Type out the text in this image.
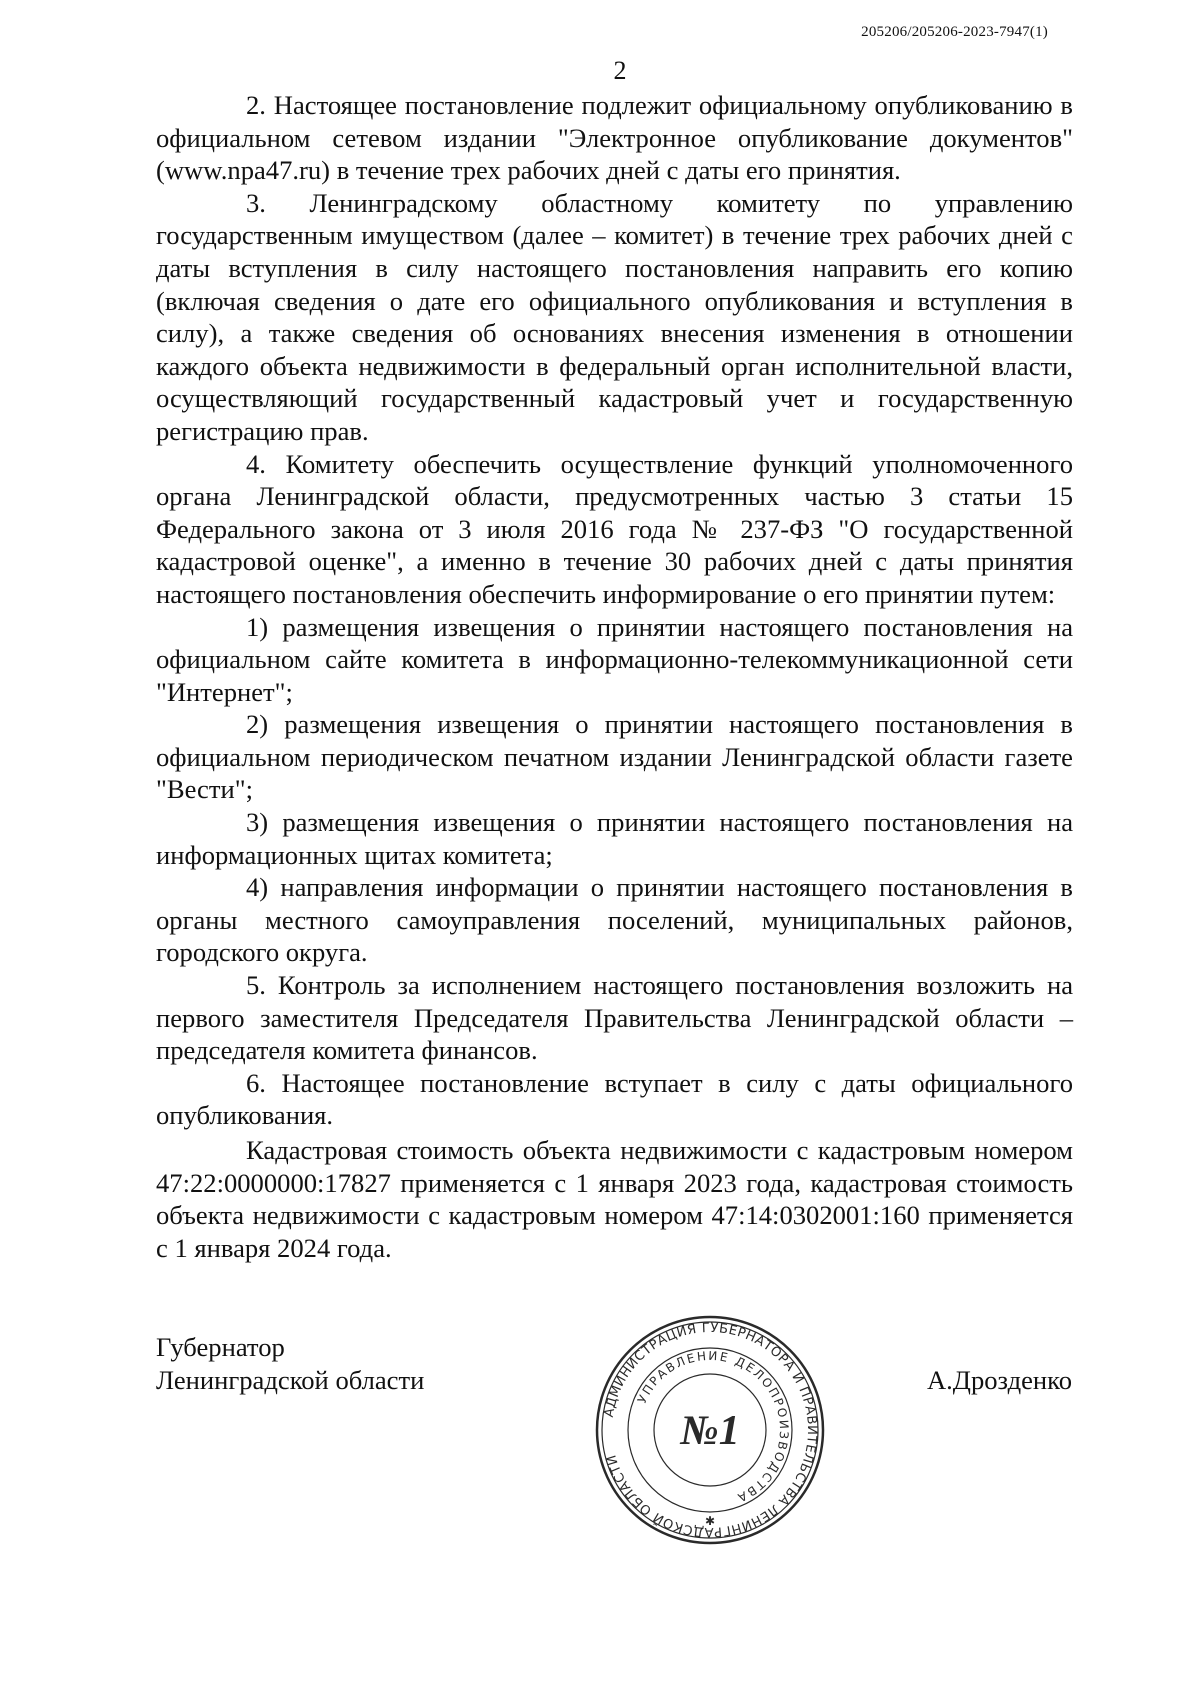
205206/205206-2023-7947(1)
2

2. Настоящее постановление подлежит официальному опубликованию в официальном сетевом издании "Электронное опубликование документов" (www.npa47.ru) в течение трех рабочих дней с даты его принятия.

3. Ленинградскому областному комитету по управлению государственным имуществом (далее – комитет) в течение трех рабочих дней с даты вступления в силу настоящего постановления направить его копию (включая сведения о дате его официального опубликования и вступления в силу), а также сведения об основаниях внесения изменения в отношении каждого объекта недвижимости в федеральный орган исполнительной власти, осуществляющий государственный кадастровый учет и государственную регистрацию прав.

4. Комитету обеспечить осуществление функций уполномоченного органа Ленинградской области, предусмотренных частью 3 статьи 15 Федерального закона от 3 июля 2016 года № 237-ФЗ "О государственной кадастровой оценке", а именно в течение 30 рабочих дней с даты принятия настоящего постановления обеспечить информирование о его принятии путем:

1) размещения извещения о принятии настоящего постановления на официальном сайте комитета в информационно-телекоммуникационной сети "Интернет";

2) размещения извещения о принятии настоящего постановления в официальном периодическом печатном издании Ленинградской области газете "Вести";

3) размещения извещения о принятии настоящего постановления на информационных щитах комитета;

4) направления информации о принятии настоящего постановления в органы местного самоуправления поселений, муниципальных районов, городского округа.

5. Контроль за исполнением настоящего постановления возложить на первого заместителя Председателя Правительства Ленинградской области – председателя комитета финансов.

6. Настоящее постановление вступает в силу с даты официального опубликования.

Кадастровая стоимость объекта недвижимости с кадастровым номером 47:22:0000000:17827 применяется с 1 января 2023 года, кадастровая стоимость объекта недвижимости с кадастровым номером 47:14:0302001:160 применяется с 1 января 2024 года.

Губернатор
Ленинградской области
АДМИНИСТРАЦИЯ ГУБЕРНАТОРА И ПРАВИТЕЛЬСТВА ЛЕНИНГРАДСКОЙ ОБЛАСТИ
УПРАВЛЕНИЕ ДЕЛОПРОИЗВОДСТВА
№1
✱
А.Дрозденко
